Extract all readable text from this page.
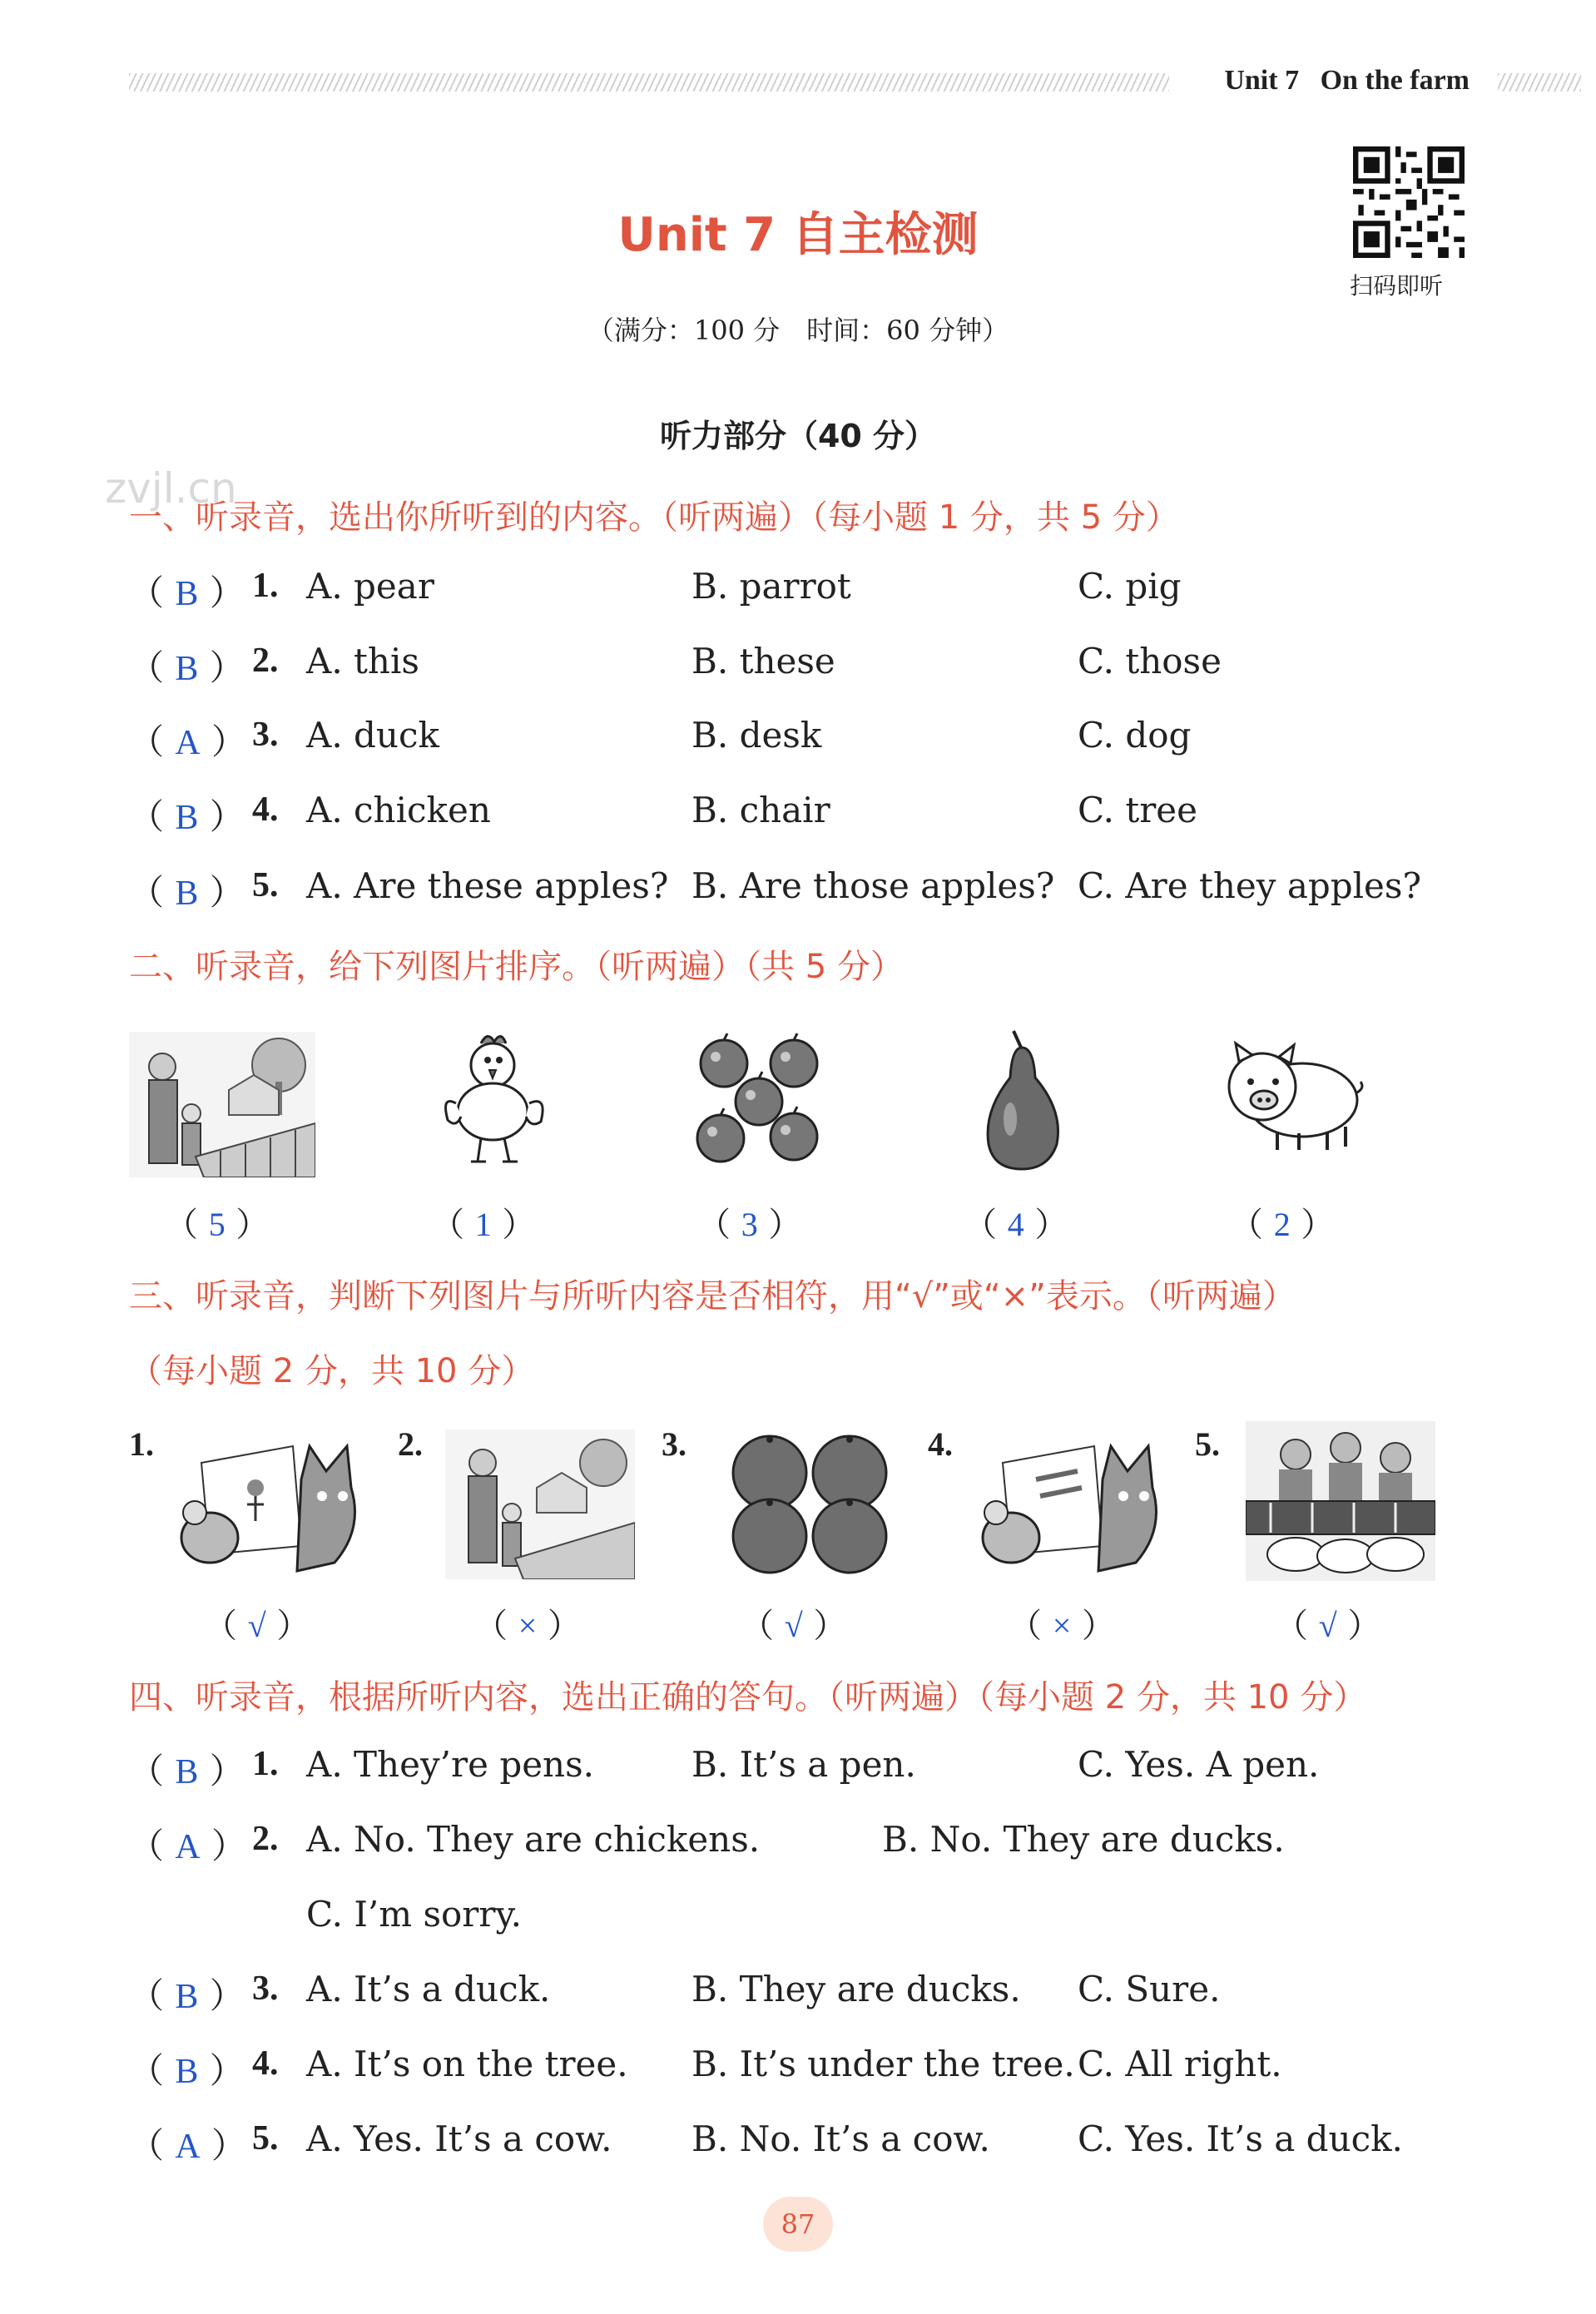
Unit 7 On the farm
扫码即听
Unit 7 自主检测
（满分：100 分　时间：60 分钟）
听力部分（40 分）
zvjl.cn
一、听录音，选出你所听到的内容。（听两遍）（每小题 1 分，共 5 分）
（ B ） 1. A. pear	B. parrot	C. pig
（ B ） 2. A. this	B. these	C. those
（ A ） 3. A. duck	B. desk	C. dog
（ B ） 4. A. chicken	B. chair	C. tree
（ B ） 5. A. Are these apples? B. Are those apples? C. Are they apples?
二、听录音，给下列图片排序。（听两遍）（共 5 分）
（ 5 ）	（ 1 ）	（ 3 ）	（ 4 ）	（ 2 ）
三、听录音，判断下列图片与所听内容是否相符，用“√”或“×”表示。（听两遍）
（每小题 2 分，共 10 分）
1.	2.	3.	4.	5.
（ √ ）	（ × ）	（ √ ）	（ × ）	（ √ ）
四、听录音，根据所听内容，选出正确的答句。（听两遍）（每小题 2 分，共 10 分）
（ B ） 1. A. They’re pens.	B. It’s a pen.	C. Yes. A pen.
（ A ） 2. A. No. They are chickens.	B. No. They are ducks.
C. I’m sorry.
（ B ） 3. A. It’s a duck.	B. They are ducks. C. Sure.
（ B ） 4. A. It’s on the tree. B. It’s under the tree. C. All right.
（ A ） 5. A. Yes. It’s a cow. B. No. It’s a cow.	C. Yes. It’s a duck.
87
